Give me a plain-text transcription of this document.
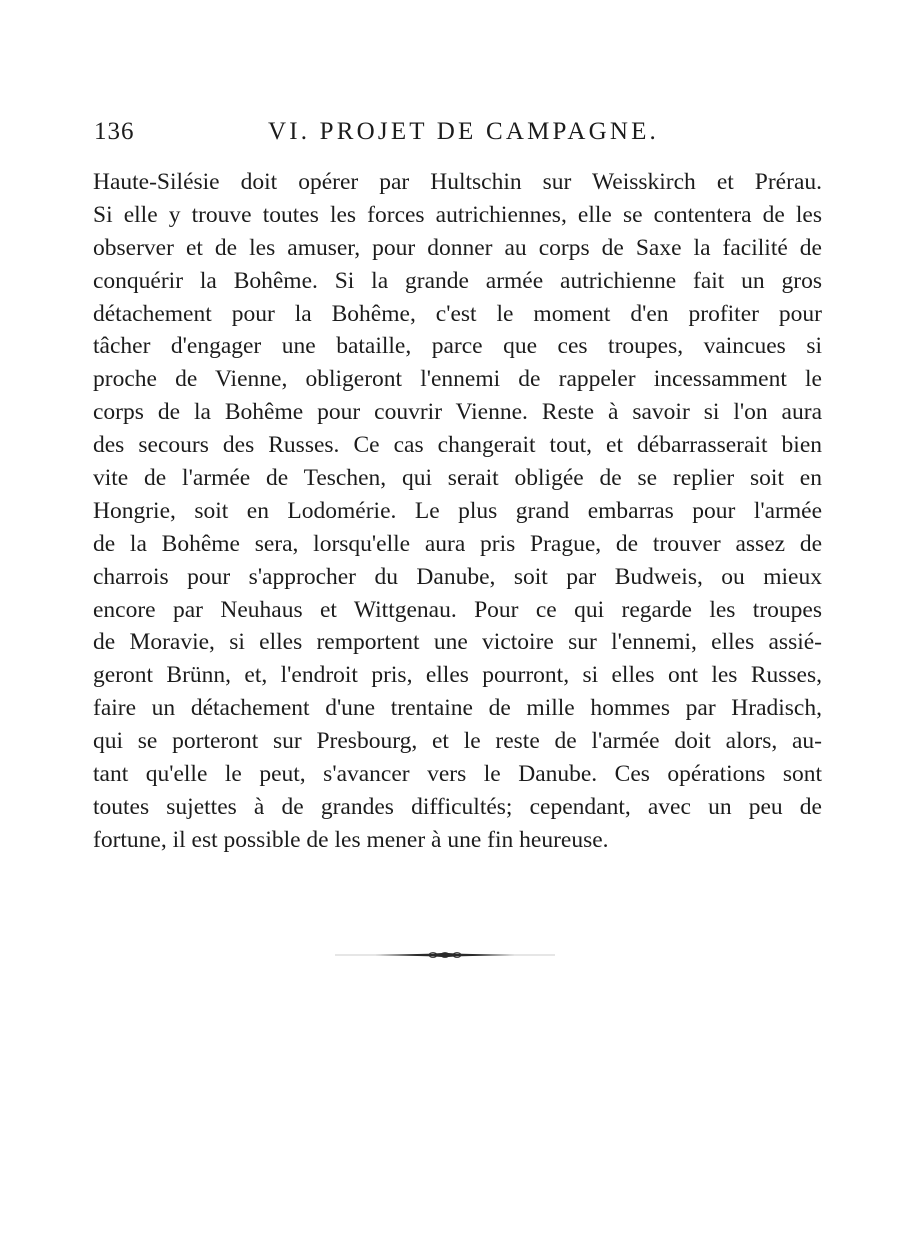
136	VI. PROJET DE CAMPAGNE.
Haute-Silésie doit opérer par Hultschin sur Weisskirch et Prérau.
Si elle y trouve toutes les forces autrichiennes, elle se contentera de les
observer et de les amuser, pour donner au corps de Saxe la facilité de
conquérir la Bohême. Si la grande armée autrichienne fait un gros
détachement pour la Bohême, c'est le moment d'en profiter pour
tâcher d'engager une bataille, parce que ces troupes, vaincues si
proche de Vienne, obligeront l'ennemi de rappeler incessamment le
corps de la Bohême pour couvrir Vienne. Reste à savoir si l'on aura
des secours des Russes. Ce cas changerait tout, et débarrasserait bien
vite de l'armée de Teschen, qui serait obligée de se replier soit en
Hongrie, soit en Lodomérie. Le plus grand embarras pour l'armée
de la Bohême sera, lorsqu'elle aura pris Prague, de trouver assez de
charrois pour s'approcher du Danube, soit par Budweis, ou mieux
encore par Neuhaus et Wittgenau. Pour ce qui regarde les troupes
de Moravie, si elles remportent une victoire sur l'ennemi, elles assié-
geront Brünn, et, l'endroit pris, elles pourront, si elles ont les Russes,
faire un détachement d'une trentaine de mille hommes par Hradisch,
qui se porteront sur Presbourg, et le reste de l'armée doit alors, au-
tant qu'elle le peut, s'avancer vers le Danube. Ces opérations sont
toutes sujettes à de grandes difficultés; cependant, avec un peu de
fortune, il est possible de les mener à une fin heureuse.
